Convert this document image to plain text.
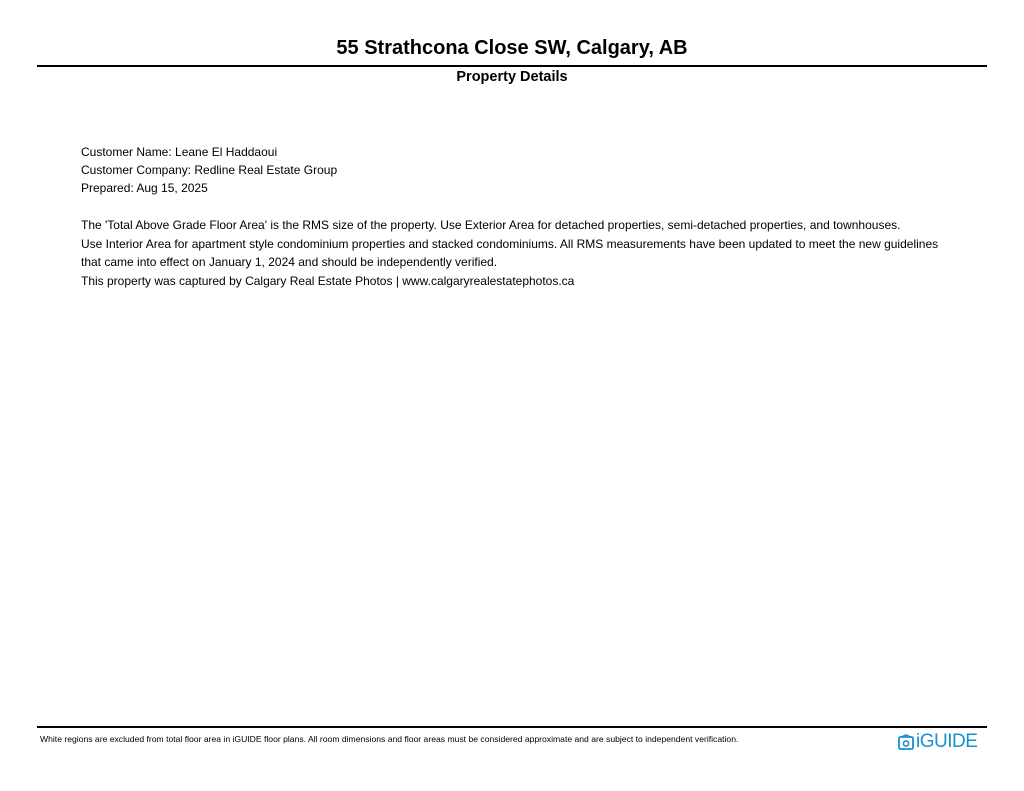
55 Strathcona Close SW, Calgary, AB
Property Details
Customer Name: Leane El Haddaoui
Customer Company: Redline Real Estate Group
Prepared: Aug 15, 2025
The 'Total Above Grade Floor Area' is the RMS size of the property. Use Exterior Area for detached properties, semi-detached properties, and townhouses.
Use Interior Area for apartment style condominium properties and stacked condominiums. All RMS measurements have been updated to meet the new guidelines
that came into effect on January 1, 2024 and should be independently verified.
This property was captured by Calgary Real Estate Photos | www.calgaryrealestatephotos.ca
White regions are excluded from total floor area in iGUIDE floor plans. All room dimensions and floor areas must be considered approximate and are subject to independent verification.	iGUIDE
